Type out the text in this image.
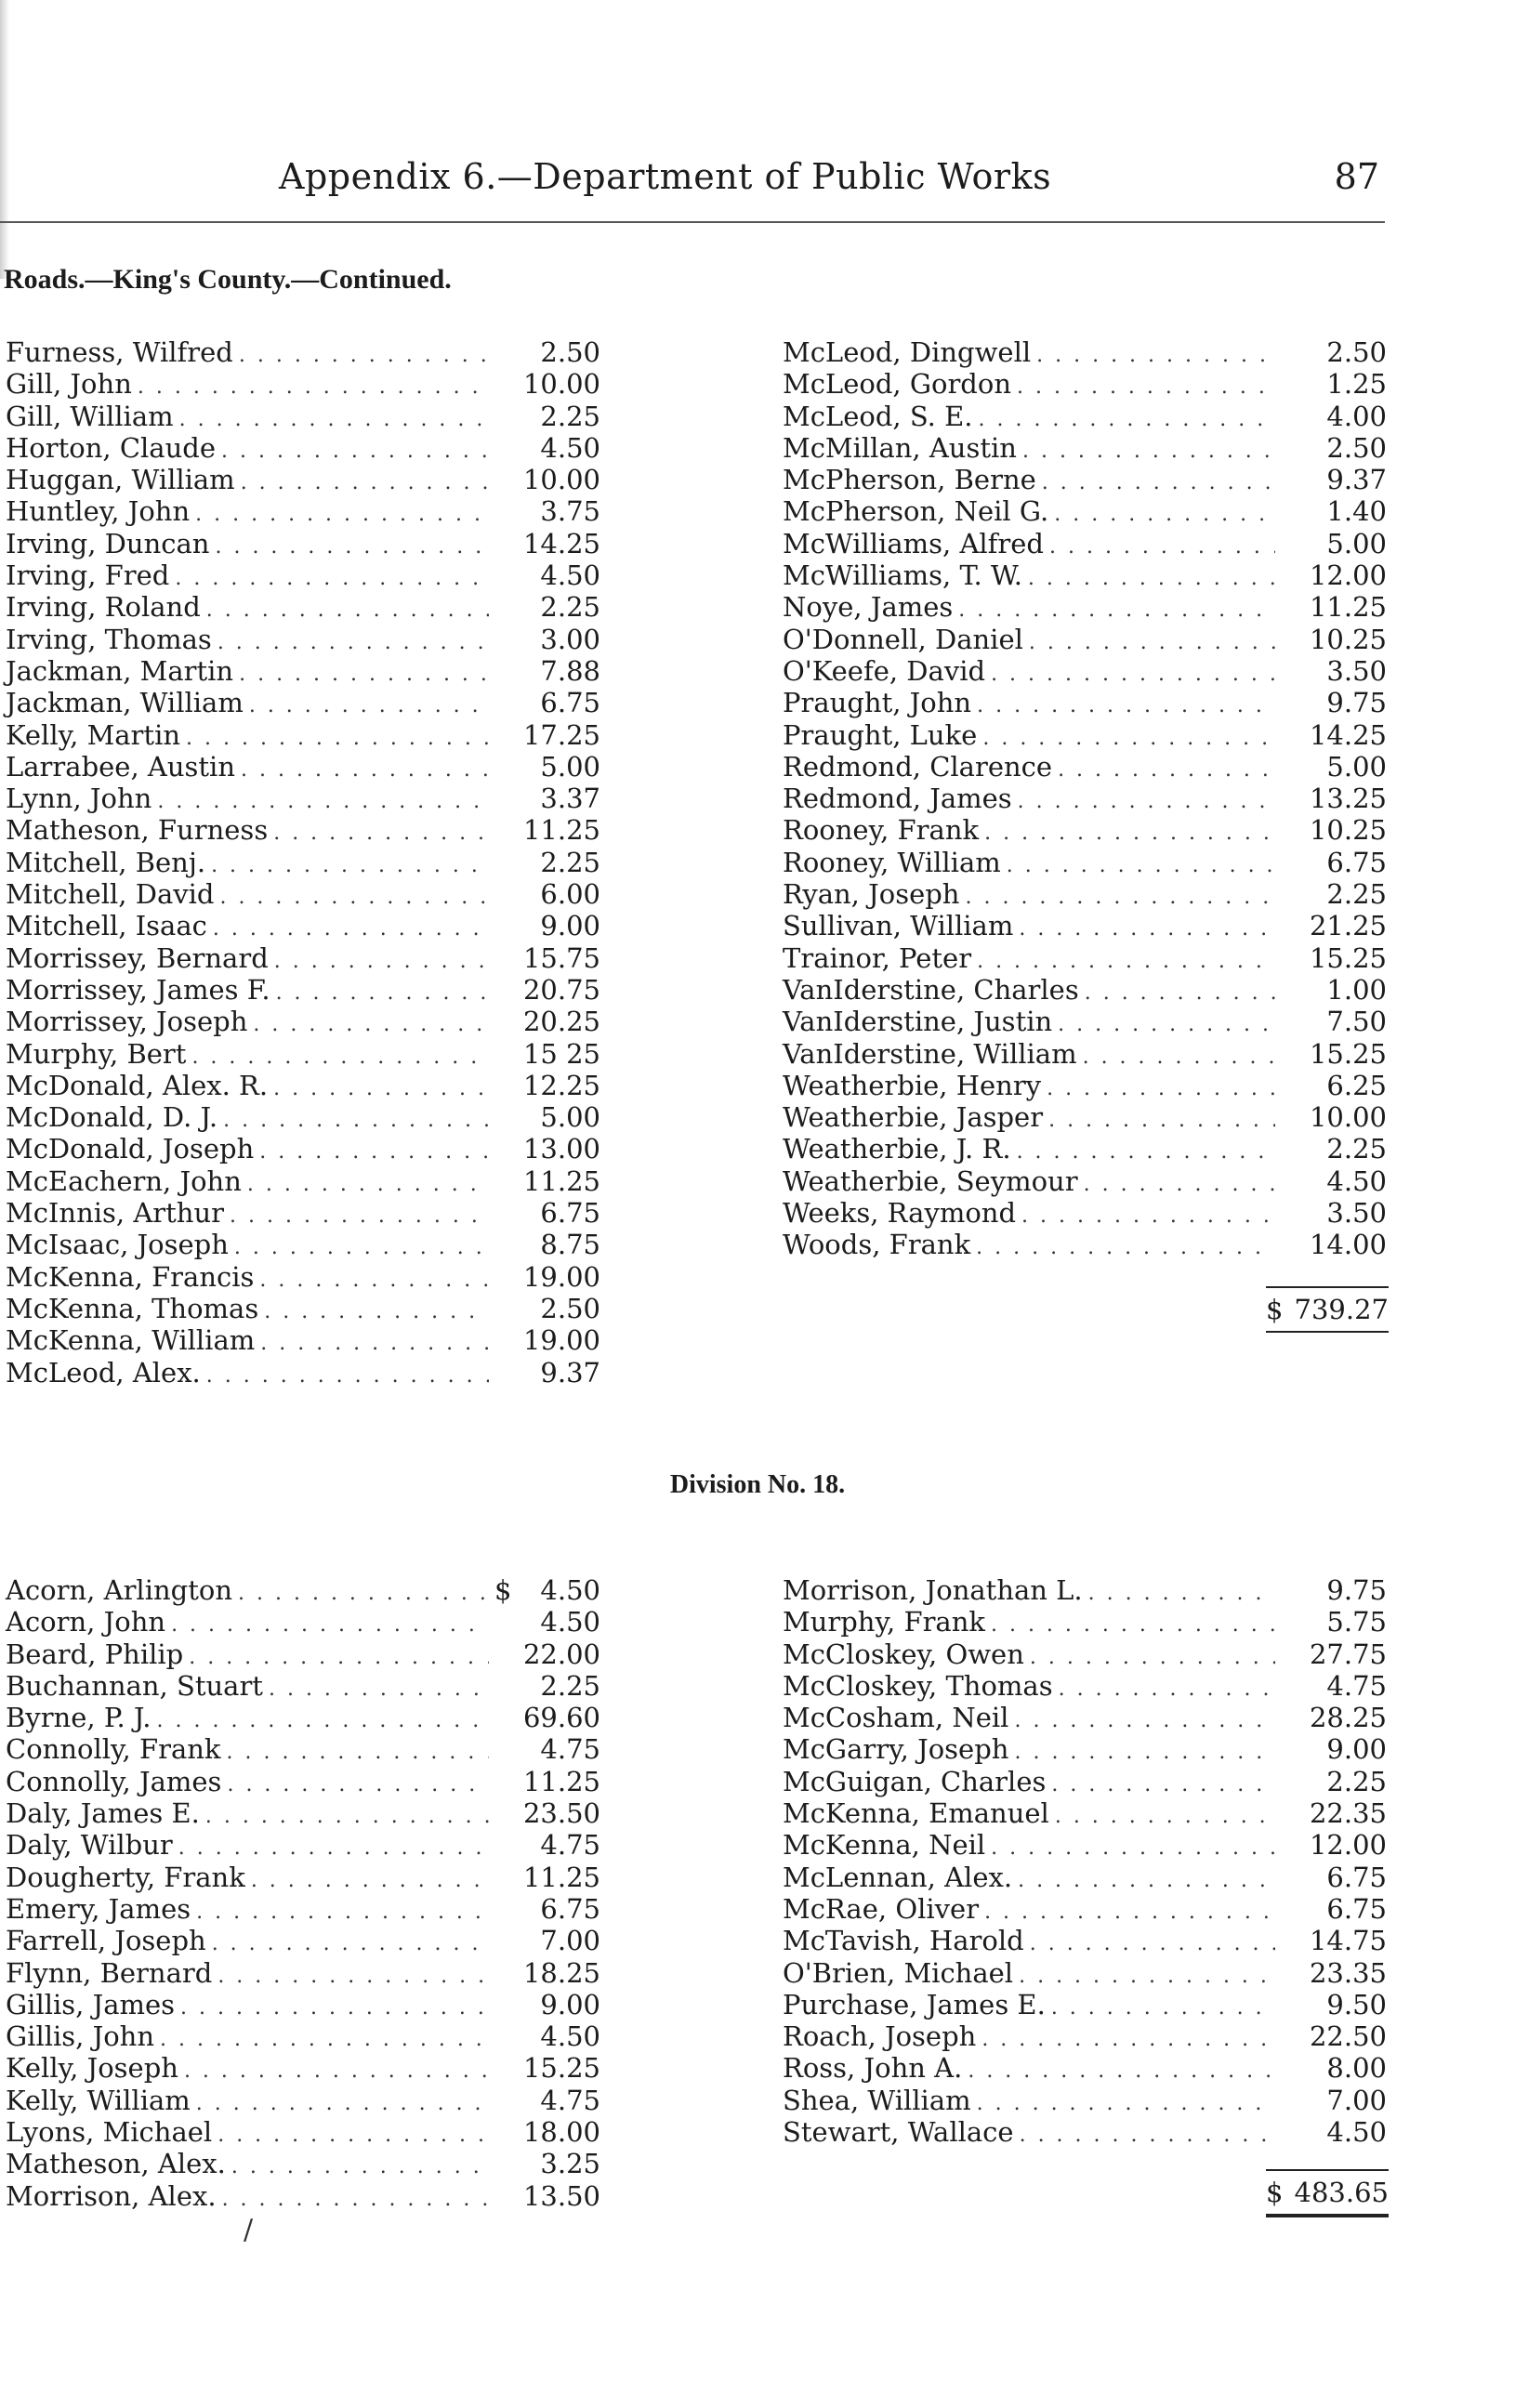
Appendix 6.—Department of Public Works	87
Roads.—King's County.—Continued.
Furness, Wilfred . . .	2.50
Gill, John . . .	10.00
Gill, William . . .	2.25
Horton, Claude . . .	4.50
Huggan, William . . .	10.00
Huntley, John . . .	3.75
Irving, Duncan . . .	14.25
Irving, Fred . . .	4.50
Irving, Roland . . .	2.25
Irving, Thomas . . .	3.00
Jackman, Martin . . .	7.88
Jackman, William . . .	6.75
Kelly, Martin . . .	17.25
Larrabee, Austin . . .	5.00
Lynn, John . . .	3.37
Matheson, Furness . . .	11.25
Mitchell, Benj. . . .	2.25
Mitchell, David . . .	6.00
Mitchell, Isaac . . .	9.00
Morrissey, Bernard . . .	15.75
Morrissey, James F. . . .	20.75
Morrissey, Joseph . . .	20.25
Murphy, Bert . . .	15 25
McDonald, Alex. R. . . .	12.25
McDonald, D. J. . . .	5.00
McDonald, Joseph . . .	13.00
McEachern, John . . .	11.25
McInnis, Arthur . . .	6.75
McIsaac, Joseph . . .	8.75
McKenna, Francis . . .	19.00
McKenna, Thomas . . .	2.50
McKenna, William . . .	19.00
McLeod, Alex. . . .	9.37
McLeod, Dingwell . . .	2.50
McLeod, Gordon . . .	1.25
McLeod, S. E. . . .	4.00
McMillan, Austin . . .	2.50
McPherson, Berne . . .	9.37
McPherson, Neil G. . . .	1.40
McWilliams, Alfred . . .	5.00
McWilliams, T. W. . . .	12.00
Noye, James . . .	11.25
O'Donnell, Daniel . . .	10.25
O'Keefe, David . . .	3.50
Praught, John . . .	9.75
Praught, Luke . . .	14.25
Redmond, Clarence . . .	5.00
Redmond, James . . .	13.25
Rooney, Frank . . .	10.25
Rooney, William . . .	6.75
Ryan, Joseph . . .	2.25
Sullivan, William . . .	21.25
Trainor, Peter . . .	15.25
VanIderstine, Charles . . .	1.00
VanIderstine, Justin . . .	7.50
VanIderstine, William . . .	15.25
Weatherbie, Henry . . .	6.25
Weatherbie, Jasper . . .	10.00
Weatherbie, J. R. . . .	2.25
Weatherbie, Seymour . . .	4.50
Weeks, Raymond . . .	3.50
Woods, Frank . . .	14.00
$ 739.27
Division No. 18.
Acorn, Arlington . . .	$	4.50
Acorn, John . . .	4.50
Beard, Philip . . .	22.00
Buchannan, Stuart . . .	2.25
Byrne, P. J. . . .	69.60
Connolly, Frank . . .	4.75
Connolly, James . . .	11.25
Daly, James E. . . .	23.50
Daly, Wilbur . . .	4.75
Dougherty, Frank . . .	11.25
Emery, James . . .	6.75
Farrell, Joseph . . .	7.00
Flynn, Bernard . . .	18.25
Gillis, James . . .	9.00
Gillis, John . . .	4.50
Kelly, Joseph . . .	15.25
Kelly, William . . .	4.75
Lyons, Michael . . .	18.00
Matheson, Alex. . . .	3.25
Morrison, Alex. . . .	13.50
Morrison, Jonathan L. . . .	9.75
Murphy, Frank . . .	5.75
McCloskey, Owen . . .	27.75
McCloskey, Thomas . . .	4.75
McCosham, Neil . . .	28.25
McGarry, Joseph . . .	9.00
McGuigan, Charles . . .	2.25
McKenna, Emanuel . . .	22.35
McKenna, Neil . . .	12.00
McLennan, Alex. . . .	6.75
McRae, Oliver . . .	6.75
McTavish, Harold . . .	14.75
O'Brien, Michael . . .	23.35
Purchase, James E. . . .	9.50
Roach, Joseph . . .	22.50
Ross, John A. . . .	8.00
Shea, William . . .	7.00
Stewart, Wallace . . .	4.50
$ 483.65
/
